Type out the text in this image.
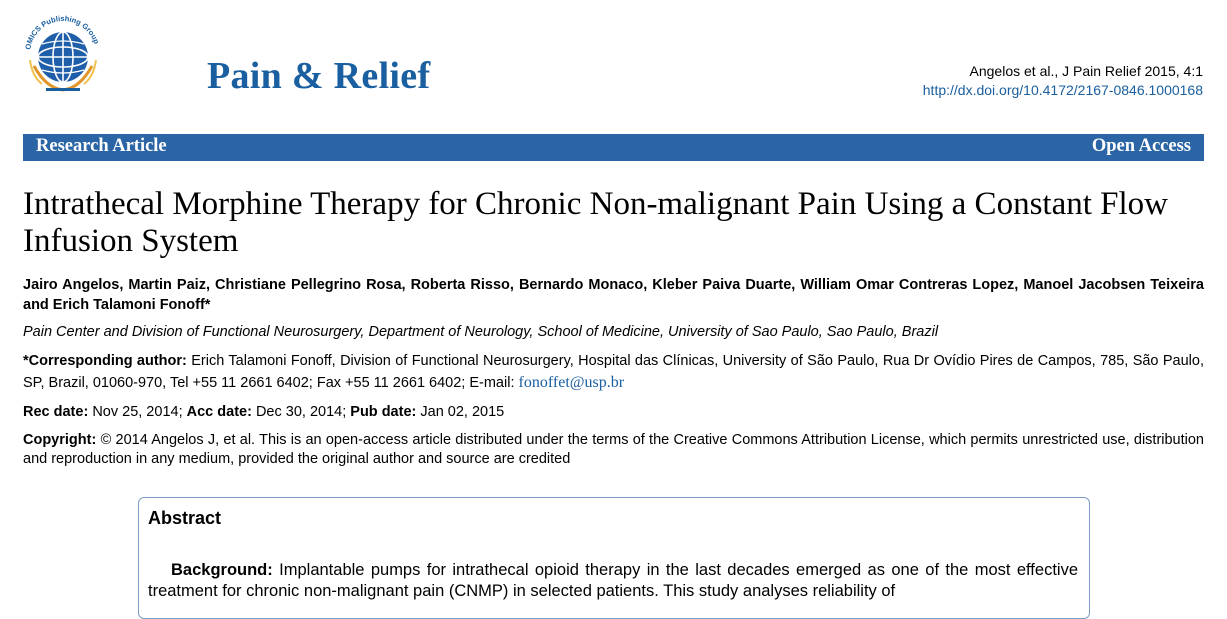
OMICS Publishing Group
Pain & Relief	Angelos et al., J Pain Relief 2015, 4:1
http://dx.doi.org/10.4172/2167-0846.1000168
Research Article	Open Access
Intrathecal Morphine Therapy for Chronic Non-malignant Pain Using a Constant Flow Infusion System
Jairo Angelos, Martin Paiz, Christiane Pellegrino Rosa, Roberta Risso, Bernardo Monaco, Kleber Paiva Duarte, William Omar Contreras Lopez, Manoel Jacobsen Teixeira and Erich Talamoni Fonoff*
Pain Center and Division of Functional Neurosurgery, Department of Neurology, School of Medicine, University of Sao Paulo, Sao Paulo, Brazil
*Corresponding author: Erich Talamoni Fonoff, Division of Functional Neurosurgery, Hospital das Clínicas, University of São Paulo, Rua Dr Ovídio Pires de Campos, 785, São Paulo, SP, Brazil, 01060-970, Tel +55 11 2661 6402; Fax +55 11 2661 6402; E-mail: fonoffet@usp.br
Rec date: Nov 25, 2014; Acc date: Dec 30, 2014; Pub date: Jan 02, 2015
Copyright: © 2014 Angelos J, et al. This is an open-access article distributed under the terms of the Creative Commons Attribution License, which permits unrestricted use, distribution and reproduction in any medium, provided the original author and source are credited
Abstract
Background: Implantable pumps for intrathecal opioid therapy in the last decades emerged as one of the most effective treatment for chronic non-malignant pain (CNMP) in selected patients. This study analyses reliability of
